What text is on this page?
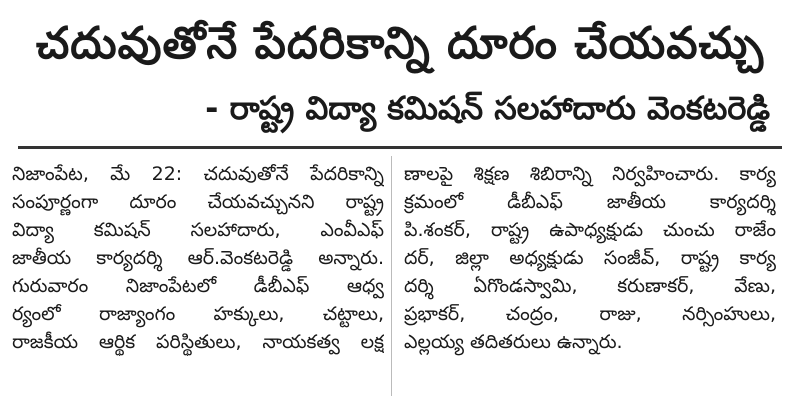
చదువుతోనే పేదరికాన్ని దూరం చేయవచ్చు
- రాష్ట్ర విద్యా కమిషన్ సలహాదారు వెంకటరెడ్డి
నిజాంపేట, మే 22: చదువుతోనే పేదరికాన్ని
సంపూర్ణంగా దూరం చేయవచ్చునని రాష్ట్ర
విద్యా కమిషన్ సలహాదారు, ఎంవీఎఫ్
జాతీయ కార్యదర్శి ఆర్.వెంకటరెడ్డి అన్నారు.
గురువారం నిజాంపేటలో డీబీఎఫ్ ఆధ్వ
ర్యంలో రాజ్యాంగం హక్కులు, చట్టాలు,
రాజకీయ ఆర్థిక పరిస్థితులు, నాయకత్వ లక్ష
ణాలపై శిక్షణ శిబిరాన్ని నిర్వహించారు. కార్య
క్రమంలో డీబీఎఫ్ జాతీయ కార్యదర్శి
పి.శంకర్, రాష్ట్ర ఉపాధ్యక్షుడు చుంచు రాజేం
దర్, జిల్లా అధ్యక్షుడు సంజీవ్, రాష్ట్ర కార్య
దర్శి ఏగొండస్వామి, కరుణాకర్, వేణు,
ప్రభాకర్, చంద్రం, రాజు, నర్సింహులు,
ఎల్లయ్య తదితరులు ఉన్నారు.
